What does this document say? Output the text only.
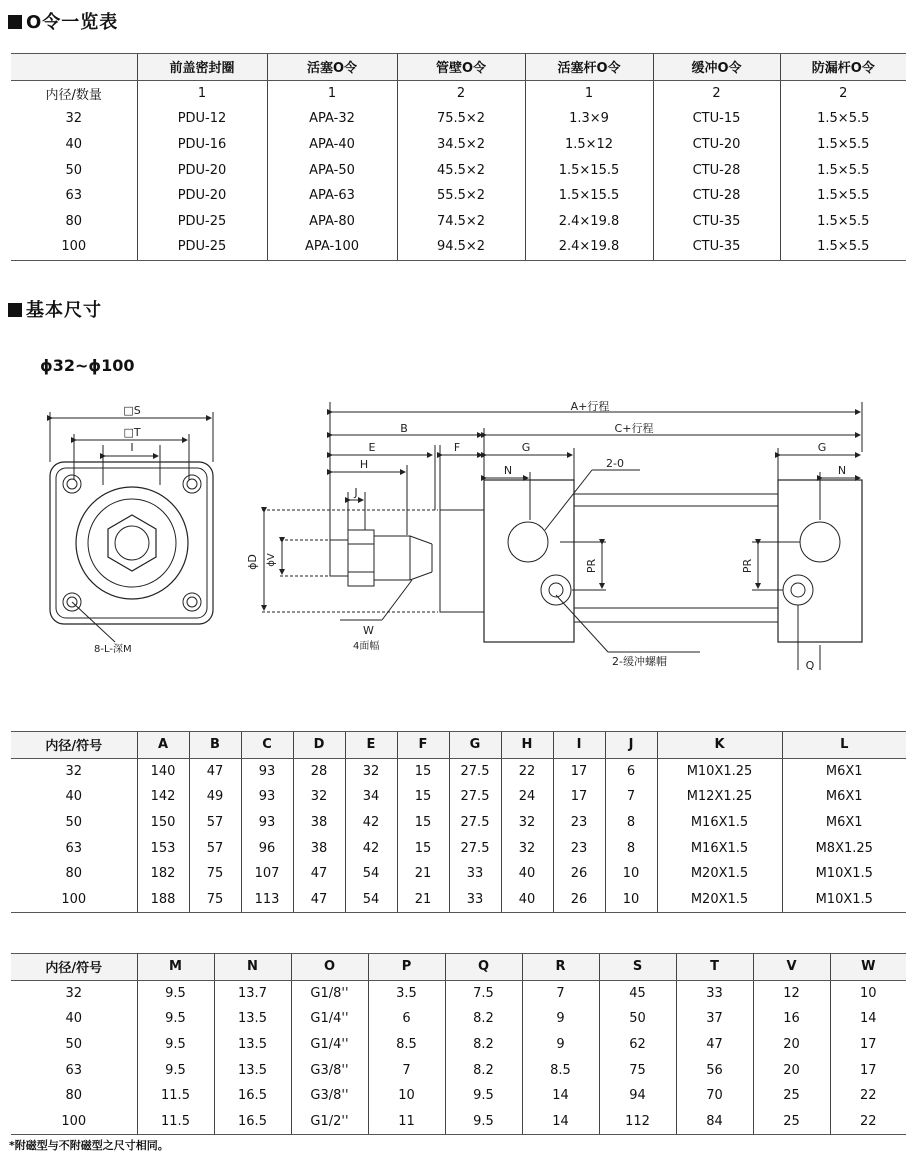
O令一览表
	前盖密封圈	活塞O令	管壁O令	活塞杆O令	缓冲O令	防漏杆O令
内径/数量	1	1	2	1	2	2
32	PDU-12	APA-32	75.5×2	1.3×9	CTU-15	1.5×5.5
40	PDU-16	APA-40	34.5×2	1.5×12	CTU-20	1.5×5.5
50	PDU-20	APA-50	45.5×2	1.5×15.5	CTU-28	1.5×5.5
63	PDU-20	APA-63	55.5×2	1.5×15.5	CTU-28	1.5×5.5
80	PDU-25	APA-80	74.5×2	2.4×19.8	CTU-35	1.5×5.5
100	PDU-25	APA-100	94.5×2	2.4×19.8	CTU-35	1.5×5.5
基本尺寸
ϕ32~ϕ100
□S
□T
I
8-L-深M
A+行程
B	C+行程
E	F	G
H	N
J
ϕD ϕV	PR
2-0
2-缓冲螺帽
W
4面幅
G
N
PR
Q
内径/符号	A	B	C	D	E	F	G	H	I	J	K	L
32	140	47	93	28	32	15	27.5	22	17	6	M10X1.25	M6X1
40	142	49	93	32	34	15	27.5	24	17	7	M12X1.25	M6X1
50	150	57	93	38	42	15	27.5	32	23	8	M16X1.5	M6X1
63	153	57	96	38	42	15	27.5	32	23	8	M16X1.5	M8X1.25
80	182	75	107	47	54	21	33	40	26	10	M20X1.5	M10X1.5
100	188	75	113	47	54	21	33	40	26	10	M20X1.5	M10X1.5
内径/符号	M	N	O	P	Q	R	S	T	V	W
32	9.5	13.7	G1/8''	3.5	7.5	7	45	33	12	10
40	9.5	13.5	G1/4''	6	8.2	9	50	37	16	14
50	9.5	13.5	G1/4''	8.5	8.2	9	62	47	20	17
63	9.5	13.5	G3/8''	7	8.2	8.5	75	56	20	17
80	11.5	16.5	G3/8''	10	9.5	14	94	70	25	22
100	11.5	16.5	G1/2''	11	9.5	14	112	84	25	22
*附磁型与不附磁型之尺寸相同。
